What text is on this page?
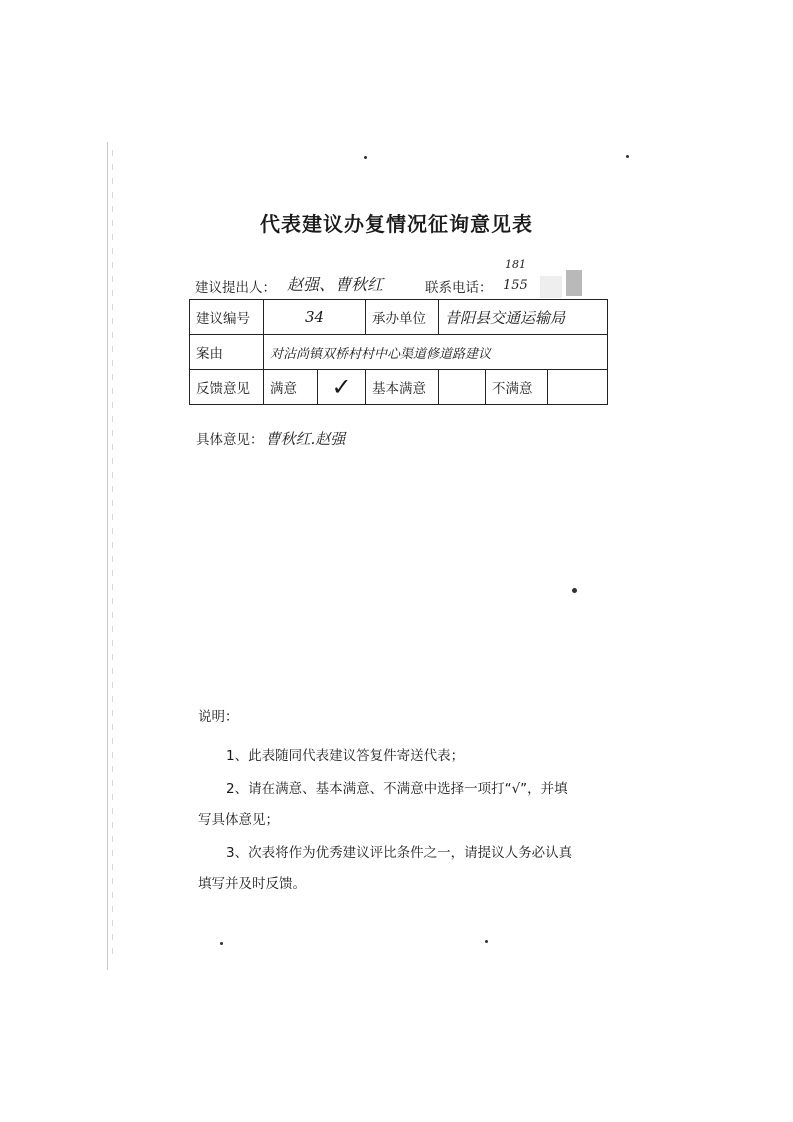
代表建议办复情况征询意见表
建议提出人： 赵强、曹秋红	联系电话：
181
155
建议编号	34		承办单位	昔阳县交通运输局		
案由	对沾尚镇双桥村村中心渠道修道路建议					
反馈意见	满意	✓	基本满意		不满意	
具体意见： 曹秋红.赵强

说明：

1、此表随同代表建议答复件寄送代表；

2、请在满意、基本满意、不满意中选择一项打“√”，并填

写具体意见；

3、次表将作为优秀建议评比条件之一，请提议人务必认真

填写并及时反馈。
